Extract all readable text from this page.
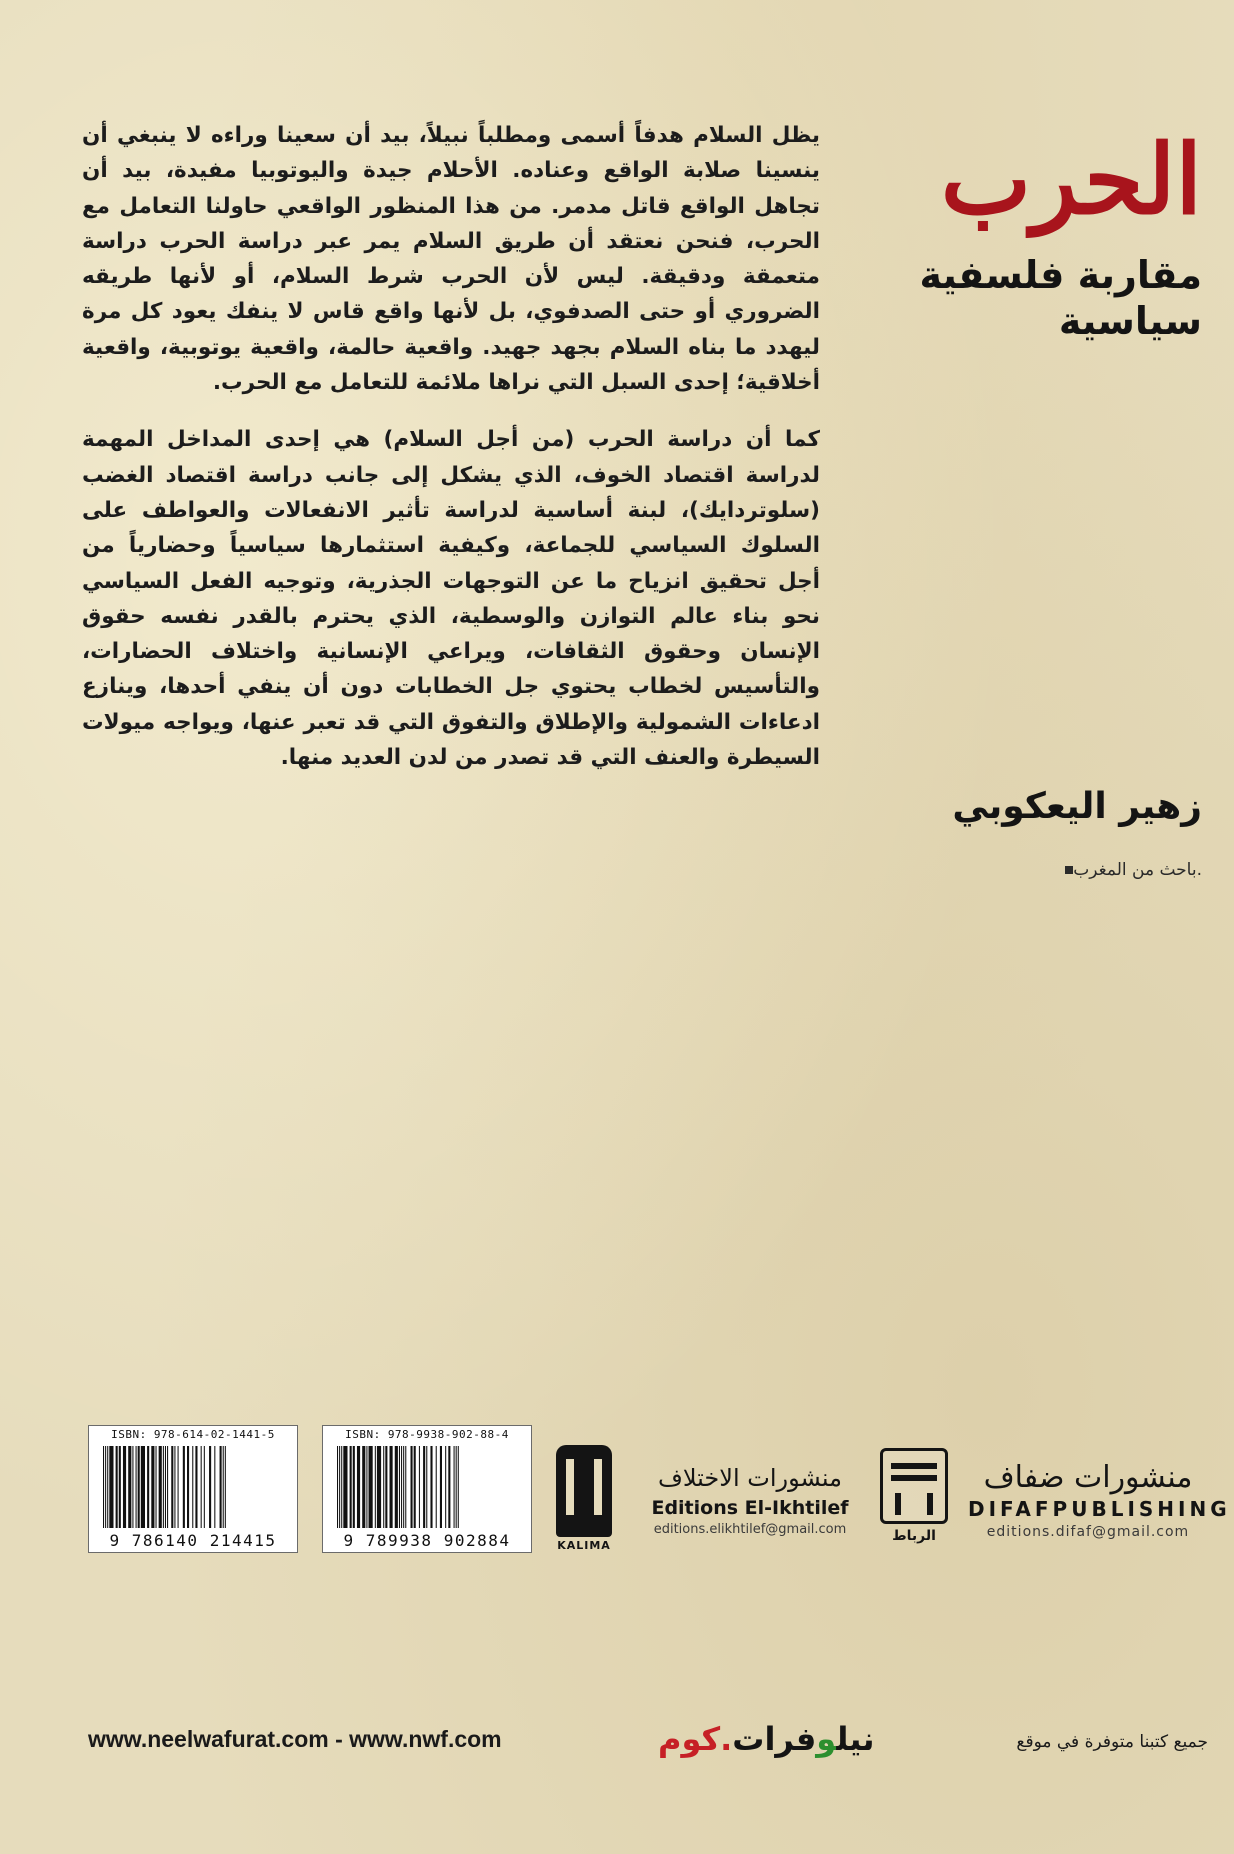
الحرب
مقاربة فلسفية سياسية
زهير اليعكوبي
باحث من المغرب.

يظل السلام هدفاً أسمى ومطلباً نبيلاً، بيد أن سعينا وراءه لا ينبغي أن ينسينا صلابة الواقع وعناده. الأحلام جيدة واليوتوبيا مفيدة، بيد أن تجاهل الواقع قاتل مدمر. من هذا المنظور الواقعي حاولنا التعامل مع الحرب، فنحن نعتقد أن طريق السلام يمر عبر دراسة الحرب دراسة متعمقة ودقيقة. ليس لأن الحرب شرط السلام، أو لأنها طريقه الضروري أو حتى الصدفوي، بل لأنها واقع قاس لا ينفك يعود كل مرة ليهدد ما بناه السلام بجهد جهيد. واقعية حالمة، واقعية يوتوبية، واقعية أخلاقية؛ إحدى السبل التي نراها ملائمة للتعامل مع الحرب.

كما أن دراسة الحرب (من أجل السلام) هي إحدى المداخل المهمة لدراسة اقتصاد الخوف، الذي يشكل إلى جانب دراسة اقتصاد الغضب (سلوتردايك)، لبنة أساسية لدراسة تأثير الانفعالات والعواطف على السلوك السياسي للجماعة، وكيفية استثمارها سياسياً وحضارياً من أجل تحقيق انزياح ما عن التوجهات الجذرية، وتوجيه الفعل السياسي نحو بناء عالم التوازن والوسطية، الذي يحترم بالقدر نفسه حقوق الإنسان وحقوق الثقافات، ويراعي الإنسانية واختلاف الحضارات، والتأسيس لخطاب يحتوي جل الخطابات دون أن ينفي أحدها، وينازع ادعاءات الشمولية والإطلاق والتفوق التي قد تعبر عنها، ويواجه ميولات السيطرة والعنف التي قد تصدر من لدن العديد منها.

ISBN: 978-614-02-1441-5
9 786140 214415
ISBN: 978-9938-902-88-4
9 789938 902884	KALIMA
منشورات الاختلاف
Editions El-Ikhtilef
editions.elikhtilef@gmail.com	الرباط
منشورات ضفاف
DIFAFPUBLISHING
editions.difaf@gmail.com
www.neelwafurat.com - www.nwf.com	نيلوفرات.كوم	جميع كتبنا متوفرة في موقع
